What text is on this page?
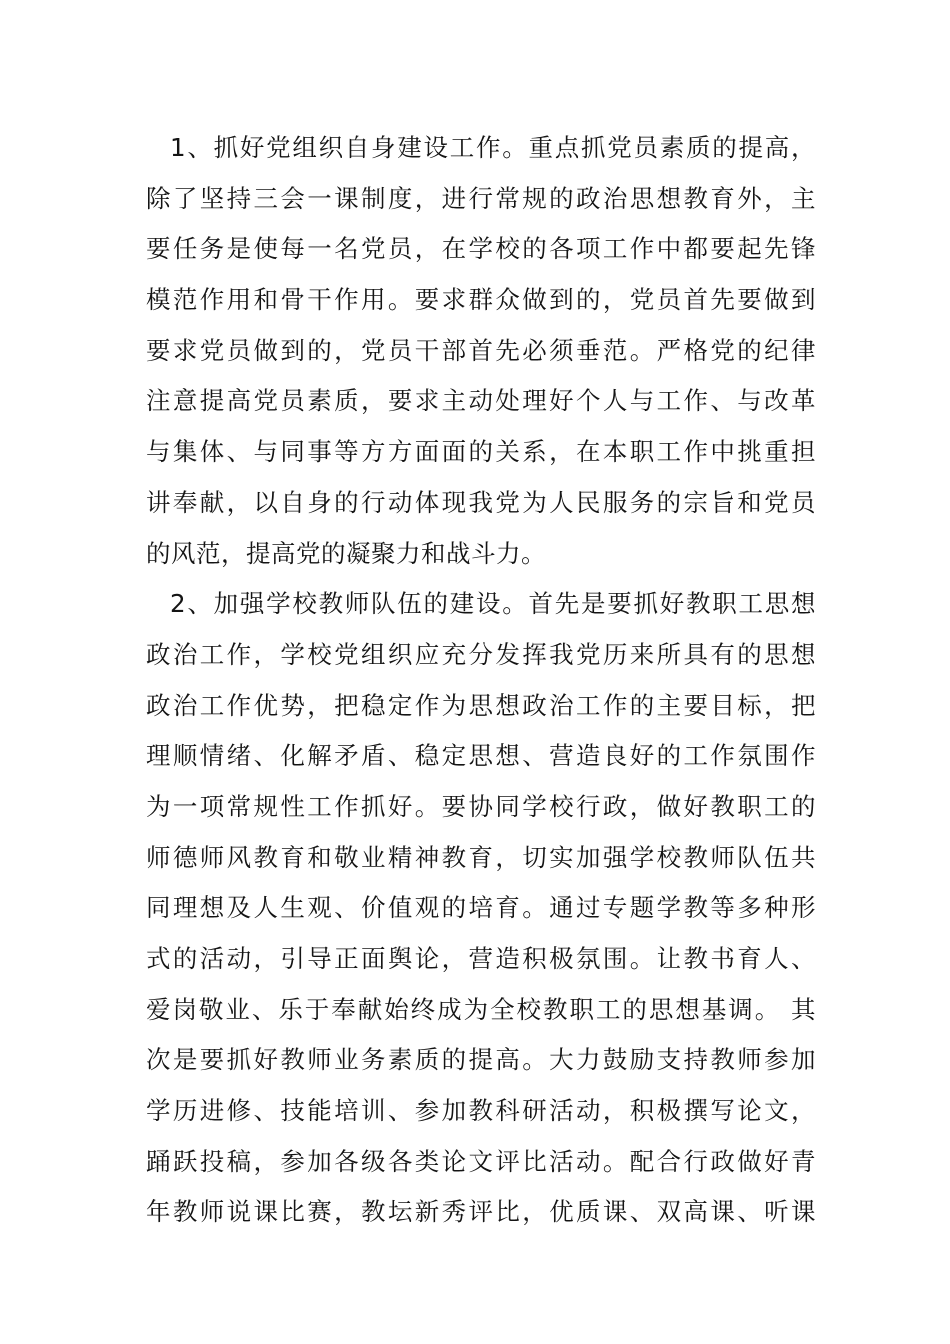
1、抓好党组织自身建设工作。重点抓党员素质的提高，
除了坚持三会一课制度，进行常规的政治思想教育外，主
要任务是使每一名党员，在学校的各项工作中都要起先锋
模范作用和骨干作用。要求群众做到的，党员首先要做到
要求党员做到的，党员干部首先必须垂范。严格党的纪律
注意提高党员素质，要求主动处理好个人与工作、与改革
与集体、与同事等方方面面的关系，在本职工作中挑重担
讲奉献，以自身的行动体现我党为人民服务的宗旨和党员
的风范，提高党的凝聚力和战斗力。
2、加强学校教师队伍的建设。首先是要抓好教职工思想
政治工作，学校党组织应充分发挥我党历来所具有的思想
政治工作优势，把稳定作为思想政治工作的主要目标，把
理顺情绪、化解矛盾、稳定思想、营造良好的工作氛围作
为一项常规性工作抓好。要协同学校行政，做好教职工的
师德师风教育和敬业精神教育，切实加强学校教师队伍共
同理想及人生观、价值观的培育。通过专题学教等多种形
式的活动，引导正面舆论，营造积极氛围。让教书育人、
爱岗敬业、乐于奉献始终成为全校教职工的思想基调。 其
次是要抓好教师业务素质的提高。大力鼓励支持教师参加
学历进修、技能培训、参加教科研活动，积极撰写论文，
踊跃投稿，参加各级各类论文评比活动。配合行政做好青
年教师说课比赛，教坛新秀评比，优质课、双高课、听课
